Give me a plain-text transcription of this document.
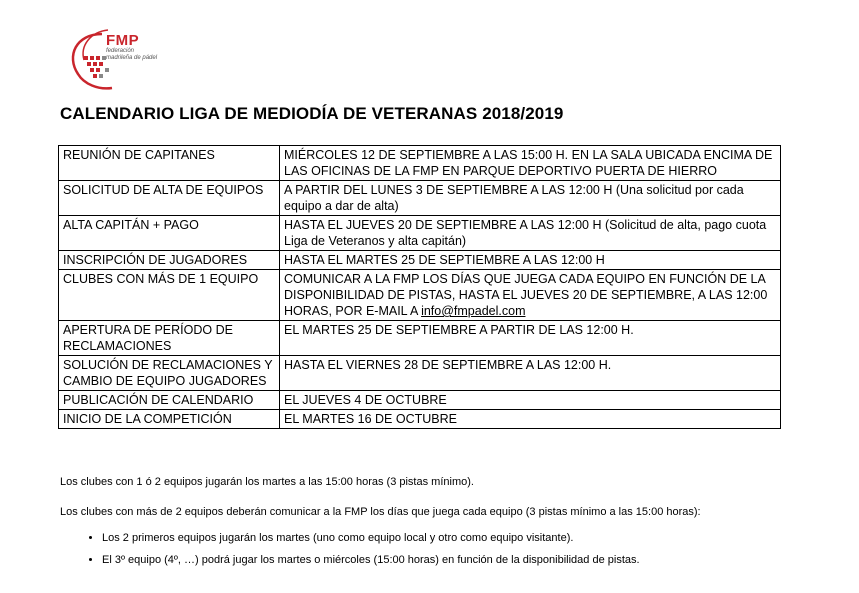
FMP
federación madrileña de pádel
CALENDARIO LIGA DE MEDIODÍA DE VETERANAS 2018/2019
REUNIÓN DE CAPITANES	MIÉRCOLES 12 DE SEPTIEMBRE A LAS 15:00 H. EN LA SALA UBICADA ENCIMA DE LAS OFICINAS DE LA FMP EN PARQUE DEPORTIVO PUERTA DE HIERRO
SOLICITUD DE ALTA DE EQUIPOS	A PARTIR DEL LUNES 3 DE SEPTIEMBRE A LAS 12:00 H (Una solicitud por cada equipo a dar de alta)
ALTA CAPITÁN + PAGO	HASTA EL JUEVES 20 DE SEPTIEMBRE A LAS 12:00 H (Solicitud de alta, pago cuota Liga de Veteranos y alta capitán)
INSCRIPCIÓN DE JUGADORES	HASTA EL MARTES 25 DE SEPTIEMBRE A LAS 12:00 H
CLUBES CON MÁS DE 1 EQUIPO	COMUNICAR A LA FMP LOS DÍAS QUE JUEGA CADA EQUIPO EN FUNCIÓN DE LA DISPONIBILIDAD DE PISTAS, HASTA EL JUEVES 20 DE SEPTIEMBRE, A LAS 12:00 HORAS, POR E-MAIL A info@fmpadel.com
APERTURA DE PERÍODO DE RECLAMACIONES	EL MARTES 25 DE SEPTIEMBRE A PARTIR DE LAS 12:00 H.
SOLUCIÓN DE RECLAMACIONES Y CAMBIO DE EQUIPO JUGADORES	HASTA EL VIERNES 28 DE SEPTIEMBRE A LAS 12:00 H.
PUBLICACIÓN DE CALENDARIO	EL JUEVES 4 DE OCTUBRE
INICIO DE LA COMPETICIÓN	EL MARTES 16 DE OCTUBRE

Los clubes con 1 ó 2 equipos jugarán los martes a las 15:00 horas (3 pistas mínimo).

Los clubes con más de 2 equipos deberán comunicar a la FMP los días que juega cada equipo (3 pistas mínimo a las 15:00 horas):

• Los 2 primeros equipos jugarán los martes (uno como equipo local y otro como equipo visitante).
• El 3º equipo (4º, …) podrá jugar los martes o miércoles (15:00 horas) en función de la disponibilidad de pistas.
